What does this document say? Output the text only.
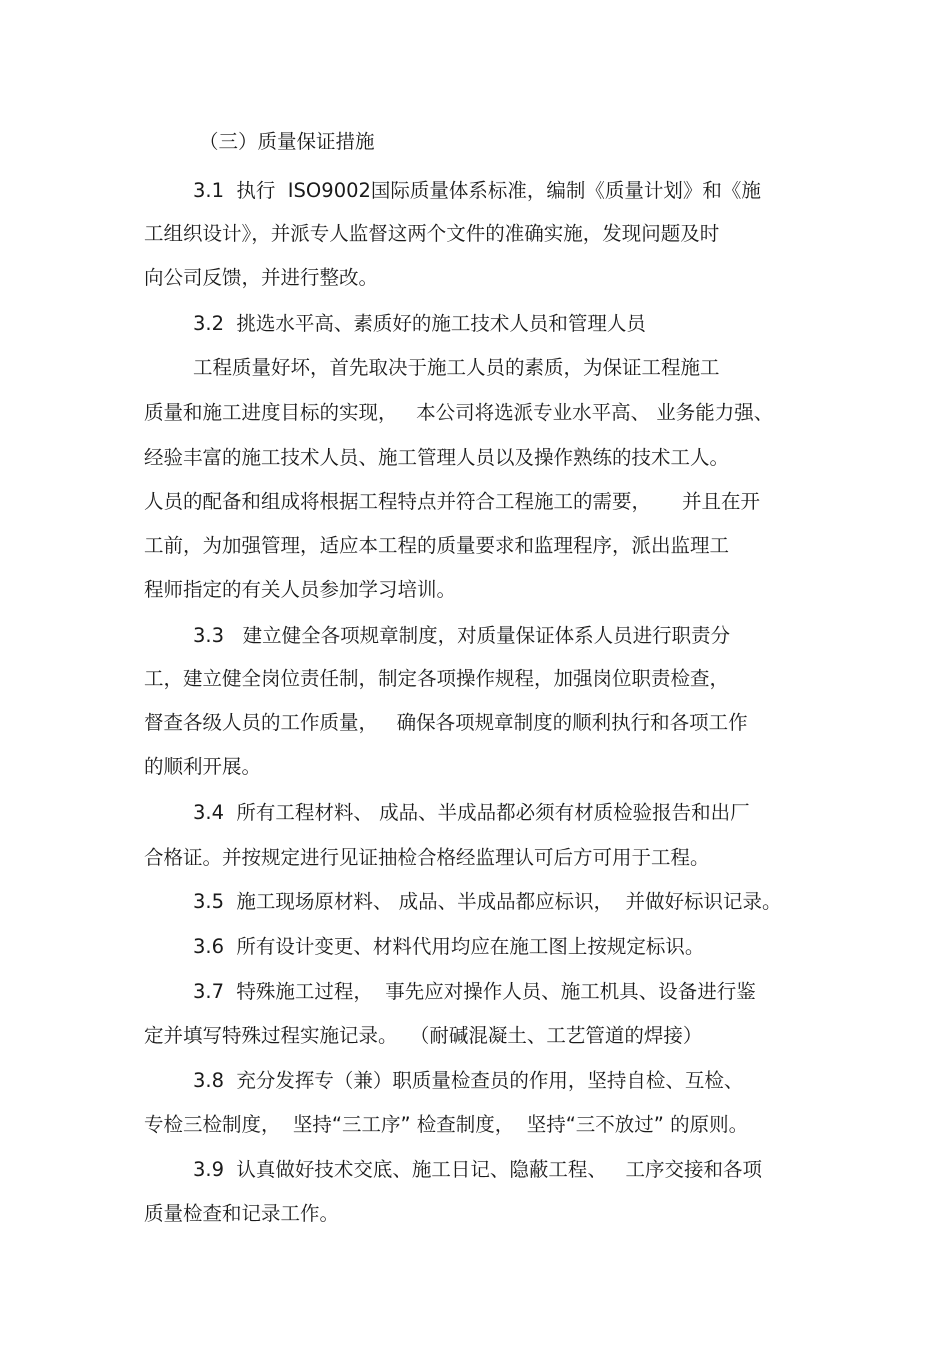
（三）质量保证措施
3.1  执行  ISO9002国际质量体系标准，编制《质量计划》和《施
工组织设计》，并派专人监督这两个文件的准确实施，发现问题及时
向公司反馈，并进行整改。
3.2  挑选水平高、素质好的施工技术人员和管理人员
工程质量好坏，首先取决于施工人员的素质，为保证工程施工
质量和施工进度目标的实现，   本公司将选派专业水平高、 业务能力强、
经验丰富的施工技术人员、施工管理人员以及操作熟练的技术工人。
人员的配备和组成将根据工程特点并符合工程施工的需要，     并且在开
工前，为加强管理，适应本工程的质量要求和监理程序，派出监理工
程师指定的有关人员参加学习培训。
3.3   建立健全各项规章制度，对质量保证体系人员进行职责分
工，建立健全岗位责任制，制定各项操作规程，加强岗位职责检查，
督查各级人员的工作质量，   确保各项规章制度的顺利执行和各项工作
的顺利开展。
3.4  所有工程材料、 成品、半成品都必须有材质检验报告和出厂
合格证。并按规定进行见证抽检合格经监理认可后方可用于工程。
3.5  施工现场原材料、 成品、半成品都应标识，  并做好标识记录。
3.6  所有设计变更、材料代用均应在施工图上按规定标识。
3.7  特殊施工过程，  事先应对操作人员、施工机具、设备进行鉴
定并填写特殊过程实施记录。  （耐碱混凝土、工艺管道的焊接）
3.8  充分发挥专（兼）职质量检查员的作用，坚持自检、互检、
专检三检制度，  坚持“三工序” 检查制度，  坚持“三不放过” 的原则。
3.9  认真做好技术交底、施工日记、隐蔽工程、   工序交接和各项
质量检查和记录工作。
